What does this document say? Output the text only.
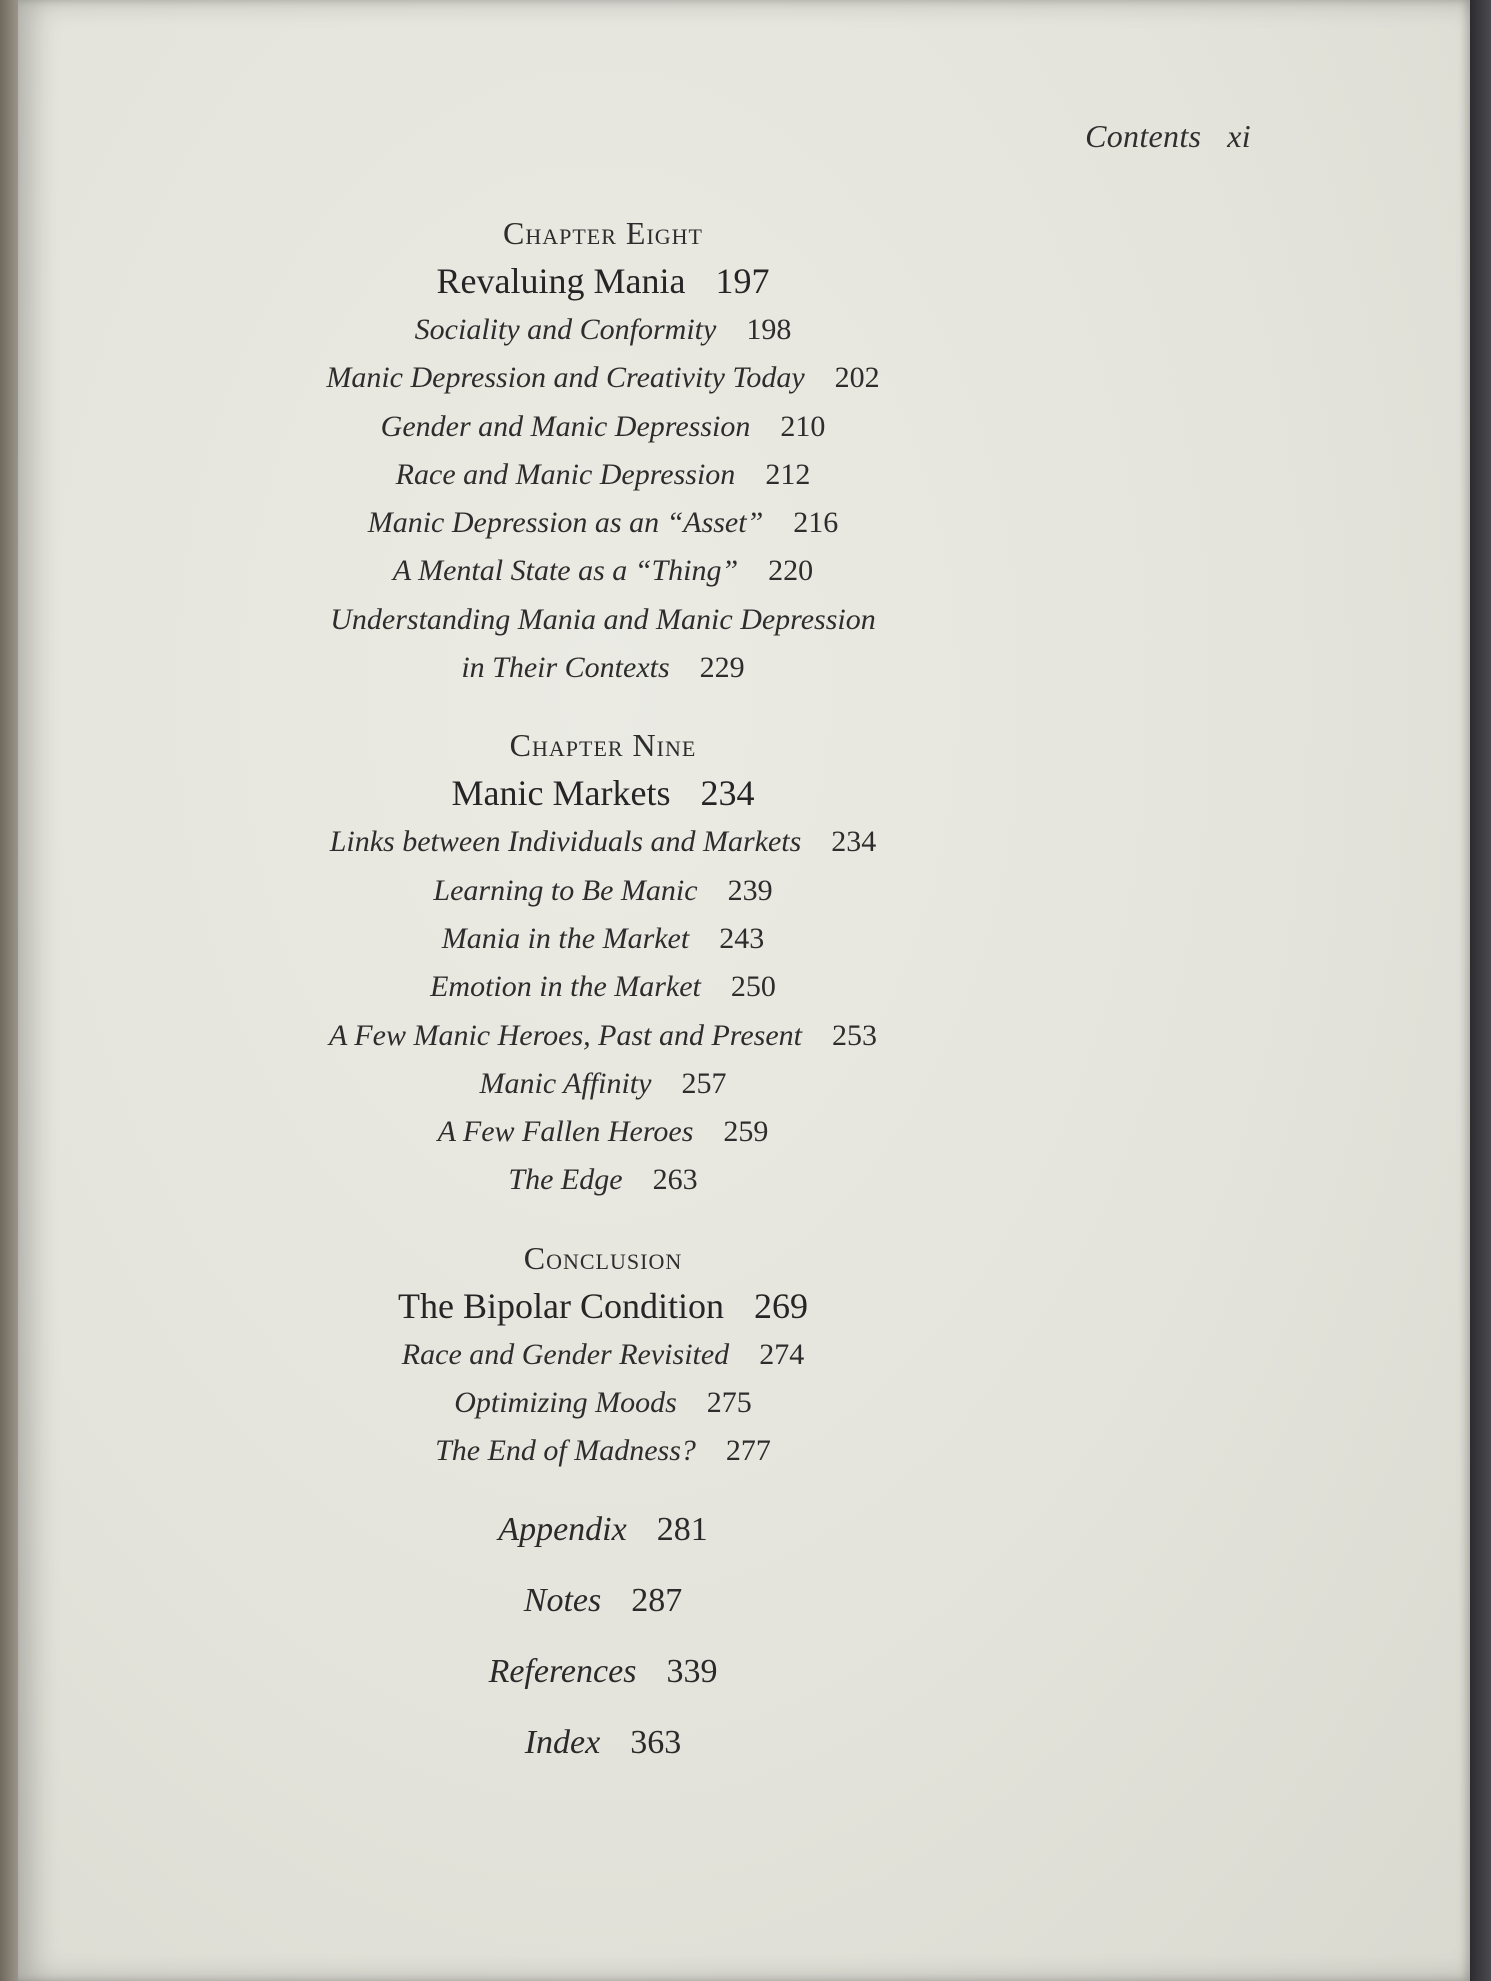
Contents xi
Chapter Eight
Revaluing Mania 197
Sociality and Conformity 198
Manic Depression and Creativity Today 202
Gender and Manic Depression 210
Race and Manic Depression 212
Manic Depression as an “Asset” 216
A Mental State as a “Thing” 220
Understanding Mania and Manic Depression
in Their Contexts 229
Chapter Nine
Manic Markets 234
Links between Individuals and Markets 234
Learning to Be Manic 239
Mania in the Market 243
Emotion in the Market 250
A Few Manic Heroes, Past and Present 253
Manic Affinity 257
A Few Fallen Heroes 259
The Edge 263
Conclusion
The Bipolar Condition 269
Race and Gender Revisited 274
Optimizing Moods 275
The End of Madness? 277
Appendix 281
Notes 287
References 339
Index 363
